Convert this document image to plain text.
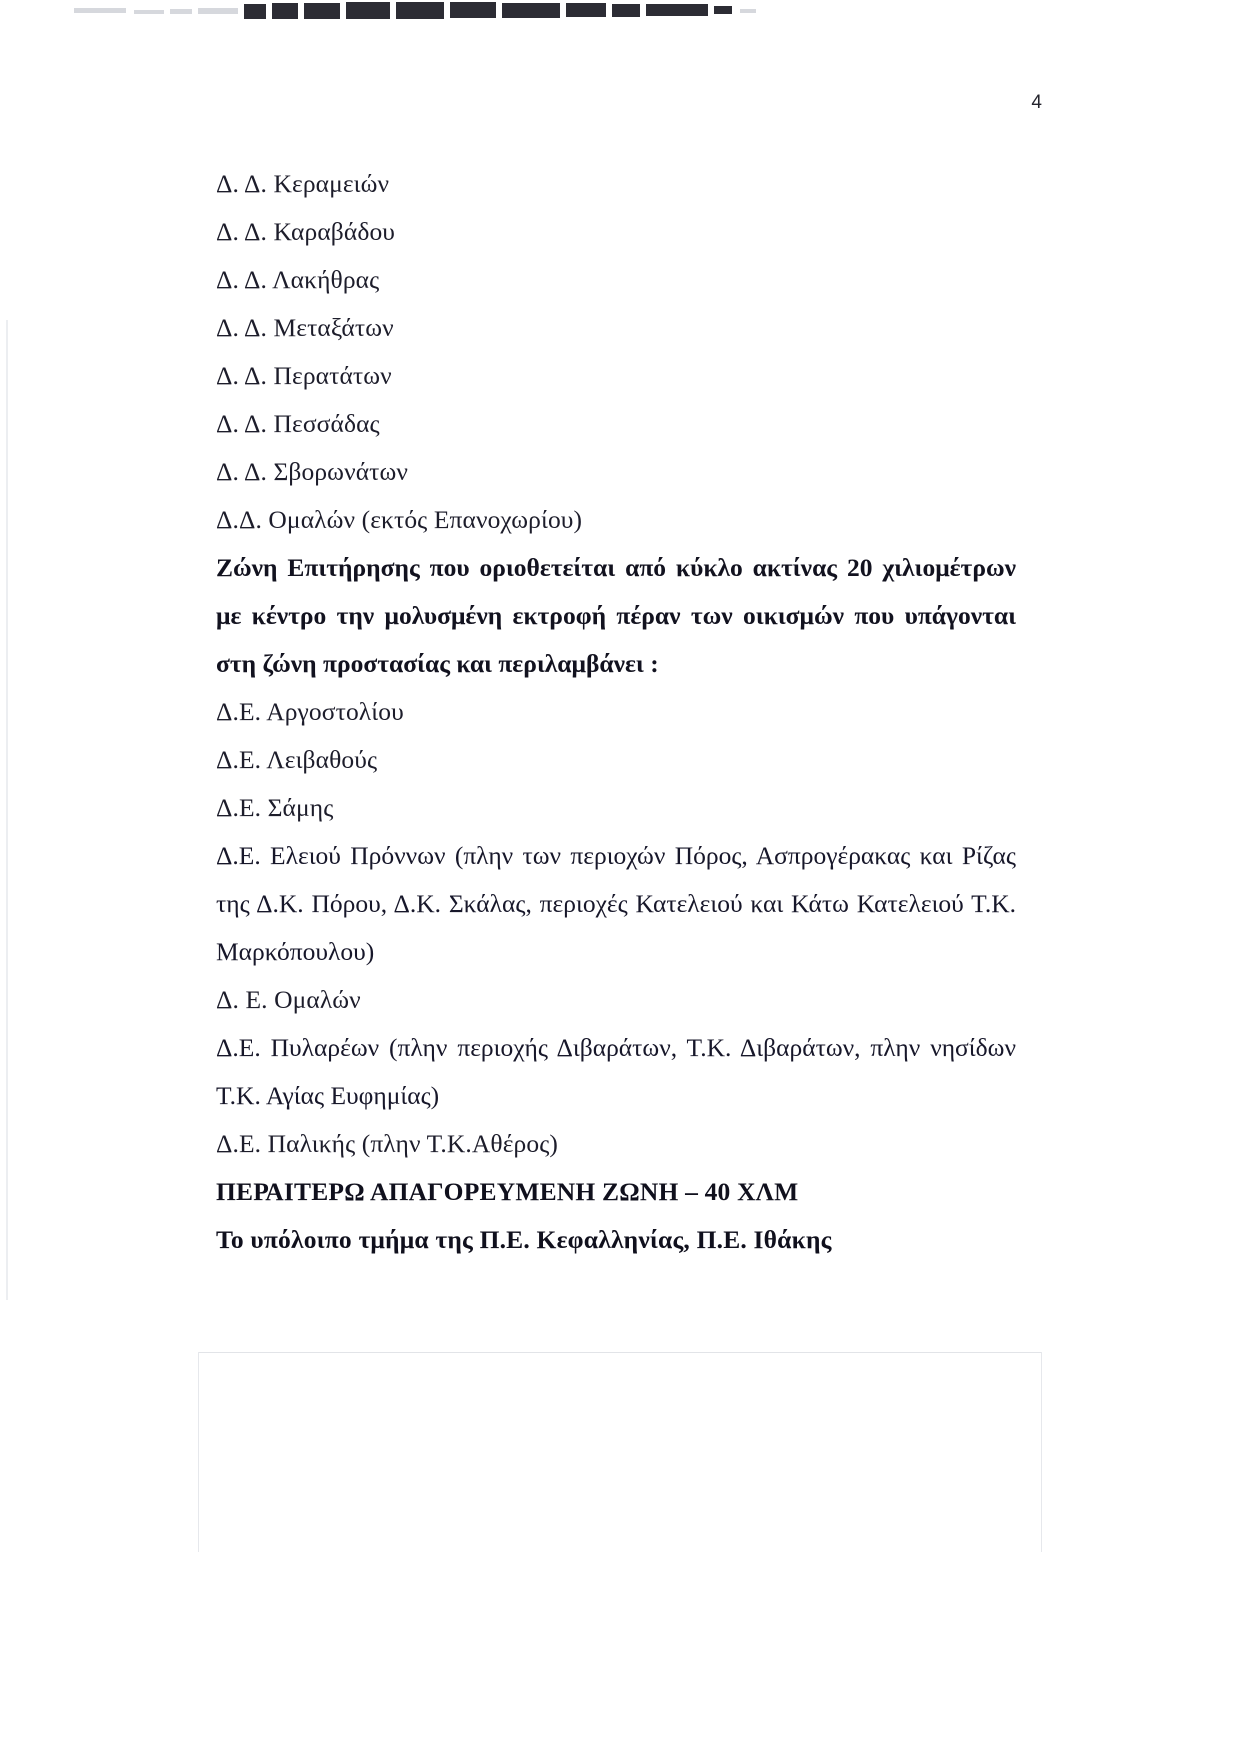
4
Δ. Δ. Κεραμειών
Δ. Δ. Καραβάδου
Δ. Δ. Λακήθρας
Δ. Δ. Μεταξάτων
Δ. Δ. Περατάτων
Δ. Δ. Πεσσάδας
Δ. Δ. Σβορωνάτων
Δ.Δ. Ομαλών (εκτός Επανοχωρίου)
Ζώνη Επιτήρησης που οριοθετείται από κύκλο ακτίνας 20 χιλιομέτρων με κέντρο την μολυσμένη εκτροφή πέραν των οικισμών που υπάγονται στη ζώνη προστασίας και περιλαμβάνει :
Δ.Ε. Αργοστολίου
Δ.Ε. Λειβαθούς
Δ.Ε. Σάμης
Δ.Ε. Ελειού Πρόννων (πλην των περιοχών Πόρος, Ασπρογέρακας και Ρίζας της Δ.Κ. Πόρου, Δ.Κ. Σκάλας, περιοχές Κατελειού και Κάτω Κατελειού Τ.Κ. Μαρκόπουλου)
Δ. Ε. Ομαλών
Δ.Ε. Πυλαρέων (πλην περιοχής Διβαράτων, Τ.Κ. Διβαράτων, πλην νησίδων Τ.Κ. Αγίας Ευφημίας)
Δ.Ε. Παλικής (πλην Τ.Κ.Αθέρος)
ΠΕΡΑΙΤΕΡΩ ΑΠΑΓΟΡΕΥΜΕΝΗ ΖΩΝΗ – 40 ΧΛΜ
Το υπόλοιπο τμήμα της Π.Ε. Κεφαλληνίας, Π.Ε. Ιθάκης
